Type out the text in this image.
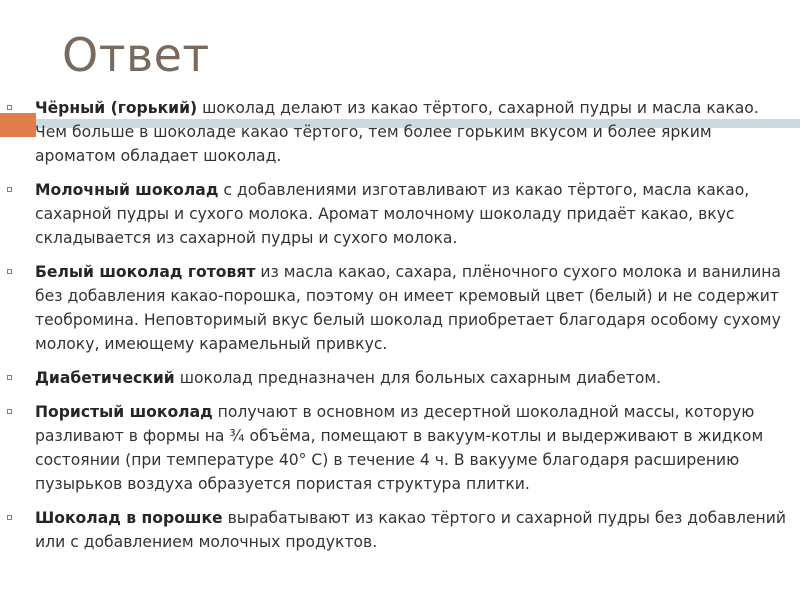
Ответ
Чёрный (горький) шоколад делают из какао тёртого, сахарной пудры и масла какао. Чем больше в шоколаде какао тёртого, тем более горьким вкусом и более ярким ароматом обладает шоколад.
Молочный шоколад с добавлениями изготавливают из какао тёртого, масла какао, сахарной пудры и сухого молока. Аромат молочному шоколаду придаёт какао, вкус складывается из сахарной пудры и сухого молока.
Белый шоколад готовят из масла какао, сахара, плёночного сухого молока и ванилина без добавления какао-порошка, поэтому он имеет кремовый цвет (белый) и не содержит теобромина. Неповторимый вкус белый шоколад приобретает благодаря особому сухому молоку, имеющему карамельный привкус.
Диабетический шоколад предназначен для больных сахарным диабетом.
Пористый шоколад получают в основном из десертной шоколадной массы, которую разливают в формы на ¾ объёма, помещают в вакуум-котлы и выдерживают в жидком состоянии (при температуре 40° С) в течение 4 ч. В вакууме благодаря расширению пузырьков воздуха образуется пористая структура плитки.
Шоколад в порошке вырабатывают из какао тёртого и сахарной пудры без добавлений или с добавлением молочных продуктов.
